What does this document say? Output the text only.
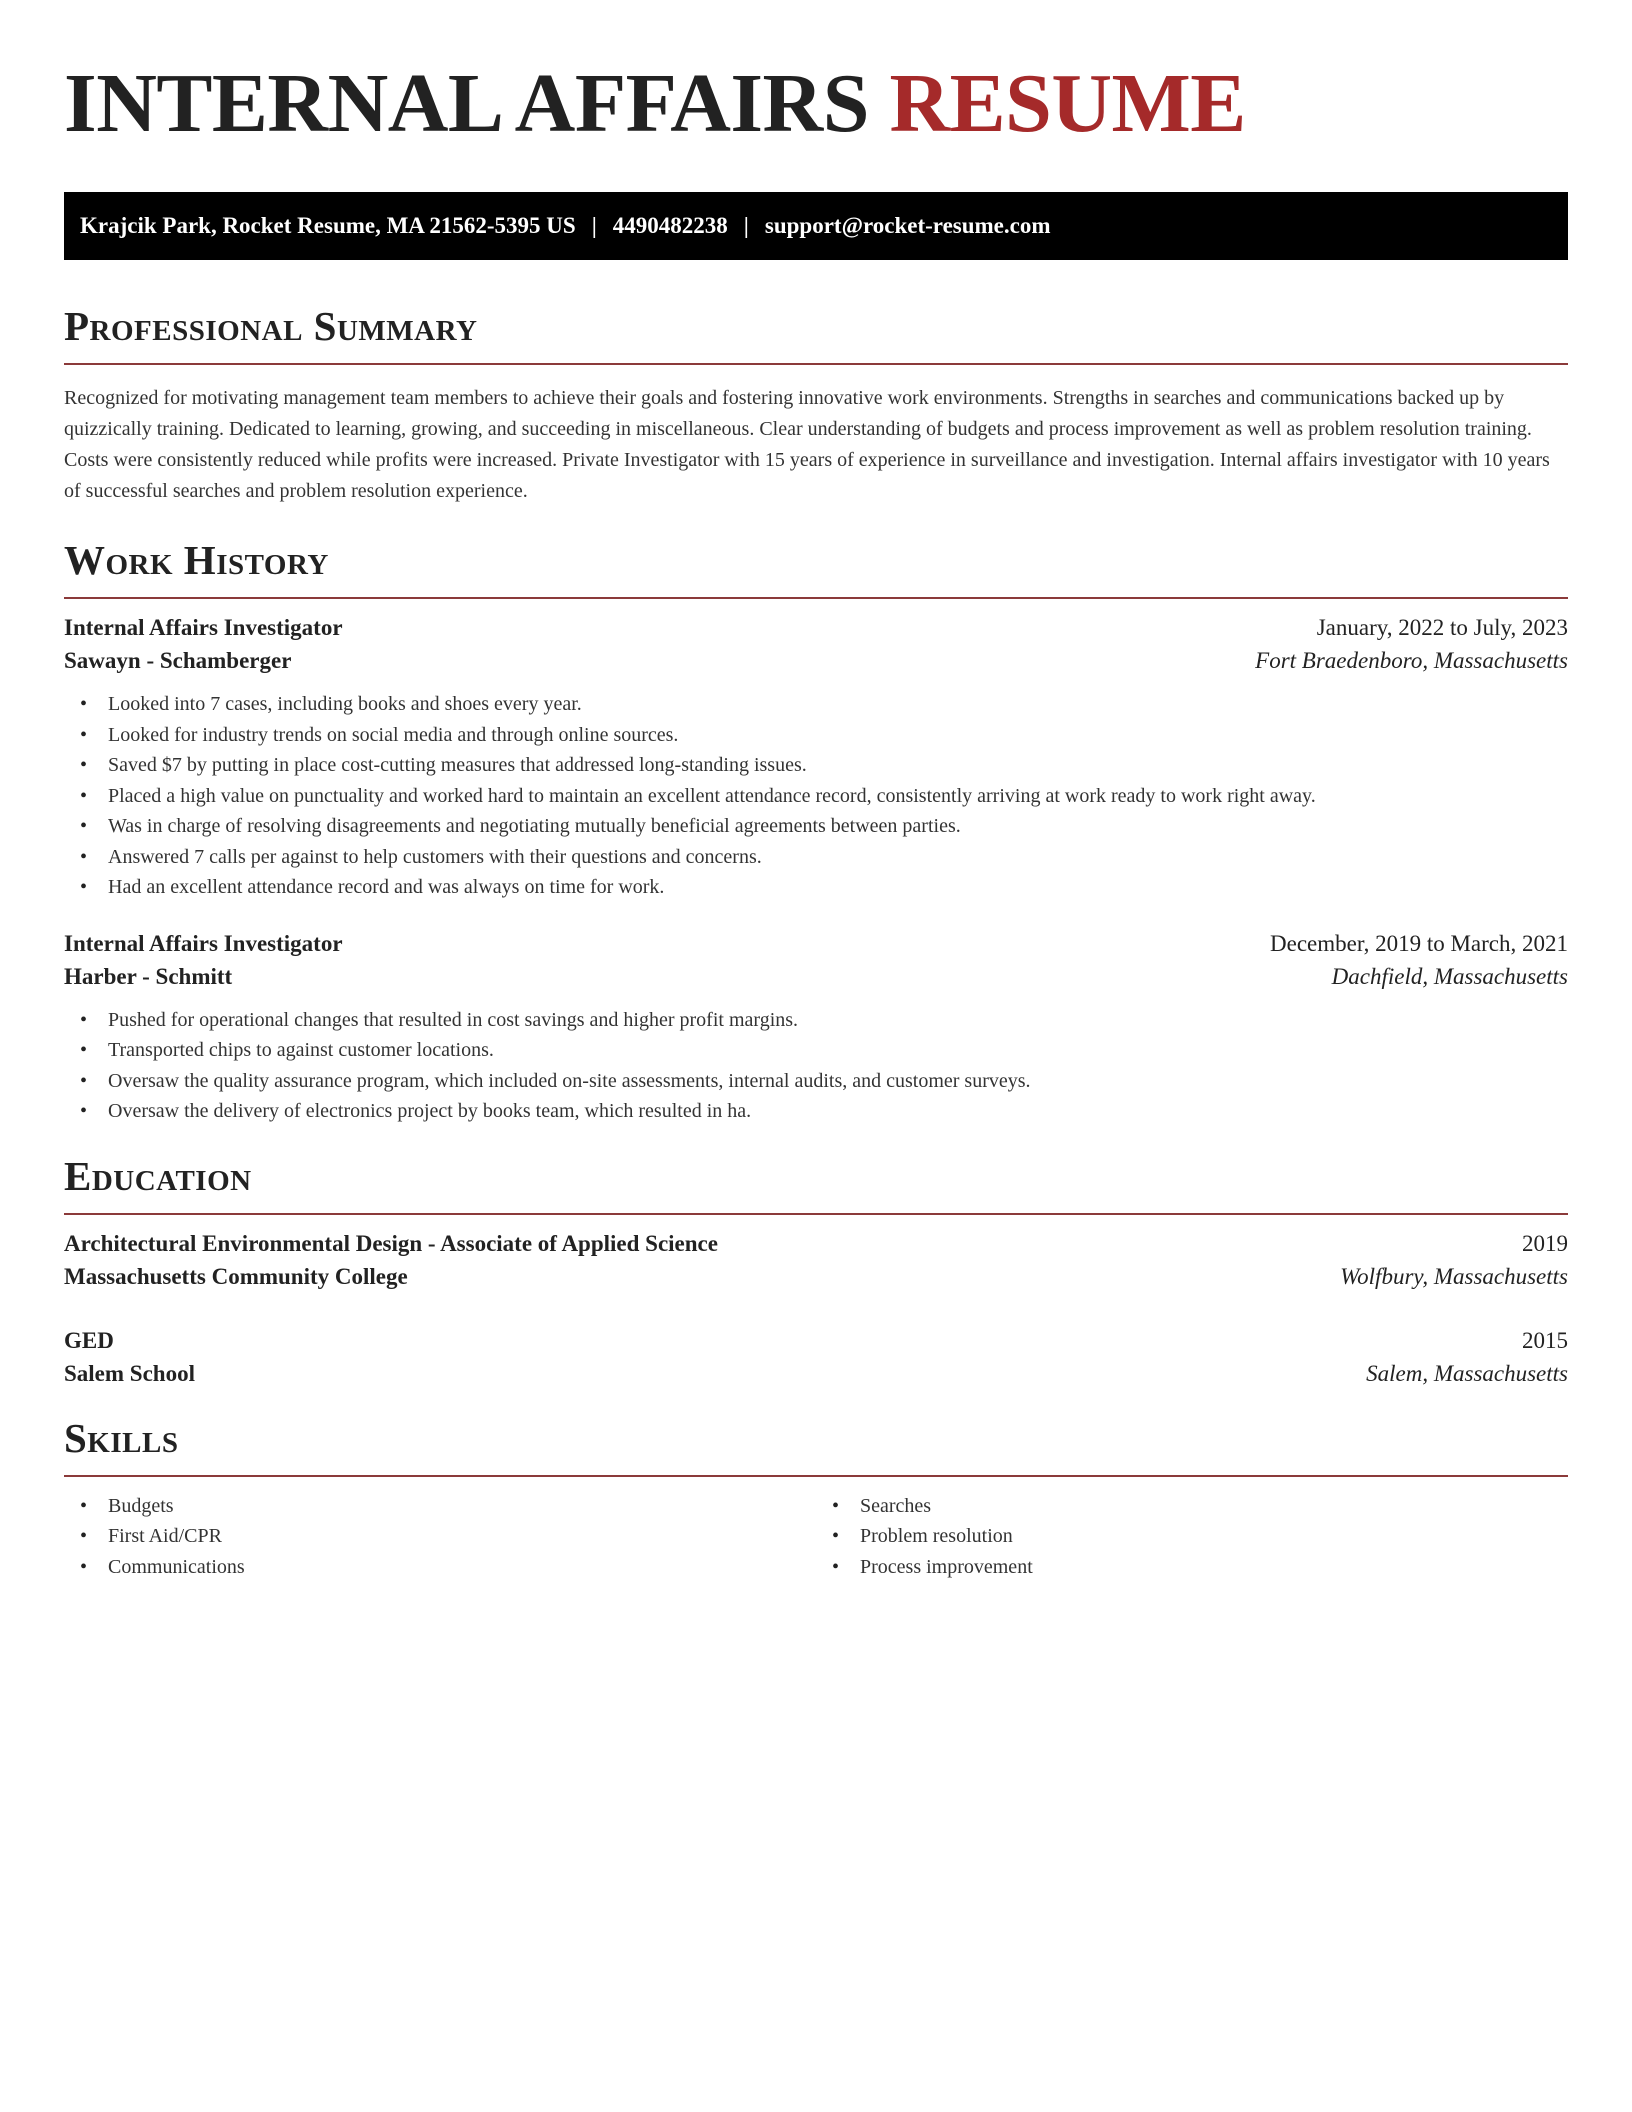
INTERNAL AFFAIRS RESUME
Krajcik Park, Rocket Resume, MA 21562-5395 US | 4490482238 | support@rocket-resume.com
Professional Summary

Recognized for motivating management team members to achieve their goals and fostering innovative work environments. Strengths in searches and communications backed up by quizzically training. Dedicated to learning, growing, and succeeding in miscellaneous. Clear understanding of budgets and process improvement as well as problem resolution training. Costs were consistently reduced while profits were increased. Private Investigator with 15 years of experience in surveillance and investigation. Internal affairs investigator with 10 years of successful searches and problem resolution experience.

Work History
Internal Affairs Investigator	January, 2022 to July, 2023
Sawayn - Schamberger	Fort Braedenboro, Massachusetts
• Looked into 7 cases, including books and shoes every year.
• Looked for industry trends on social media and through online sources.
• Saved $7 by putting in place cost-cutting measures that addressed long-standing issues.
• Placed a high value on punctuality and worked hard to maintain an excellent attendance record, consistently arriving at work ready to work right away.
• Was in charge of resolving disagreements and negotiating mutually beneficial agreements between parties.
• Answered 7 calls per against to help customers with their questions and concerns.
• Had an excellent attendance record and was always on time for work.
Internal Affairs Investigator	December, 2019 to March, 2021
Harber - Schmitt	Dachfield, Massachusetts
• Pushed for operational changes that resulted in cost savings and higher profit margins.
• Transported chips to against customer locations.
• Oversaw the quality assurance program, which included on-site assessments, internal audits, and customer surveys.
• Oversaw the delivery of electronics project by books team, which resulted in ha.
Education
Architectural Environmental Design - Associate of Applied Science	2019
Massachusetts Community College	Wolfbury, Massachusetts
GED	2015
Salem School	Salem, Massachusetts
Skills
• Budgets
• First Aid/CPR
• Communications
• Searches
• Problem resolution
• Process improvement
